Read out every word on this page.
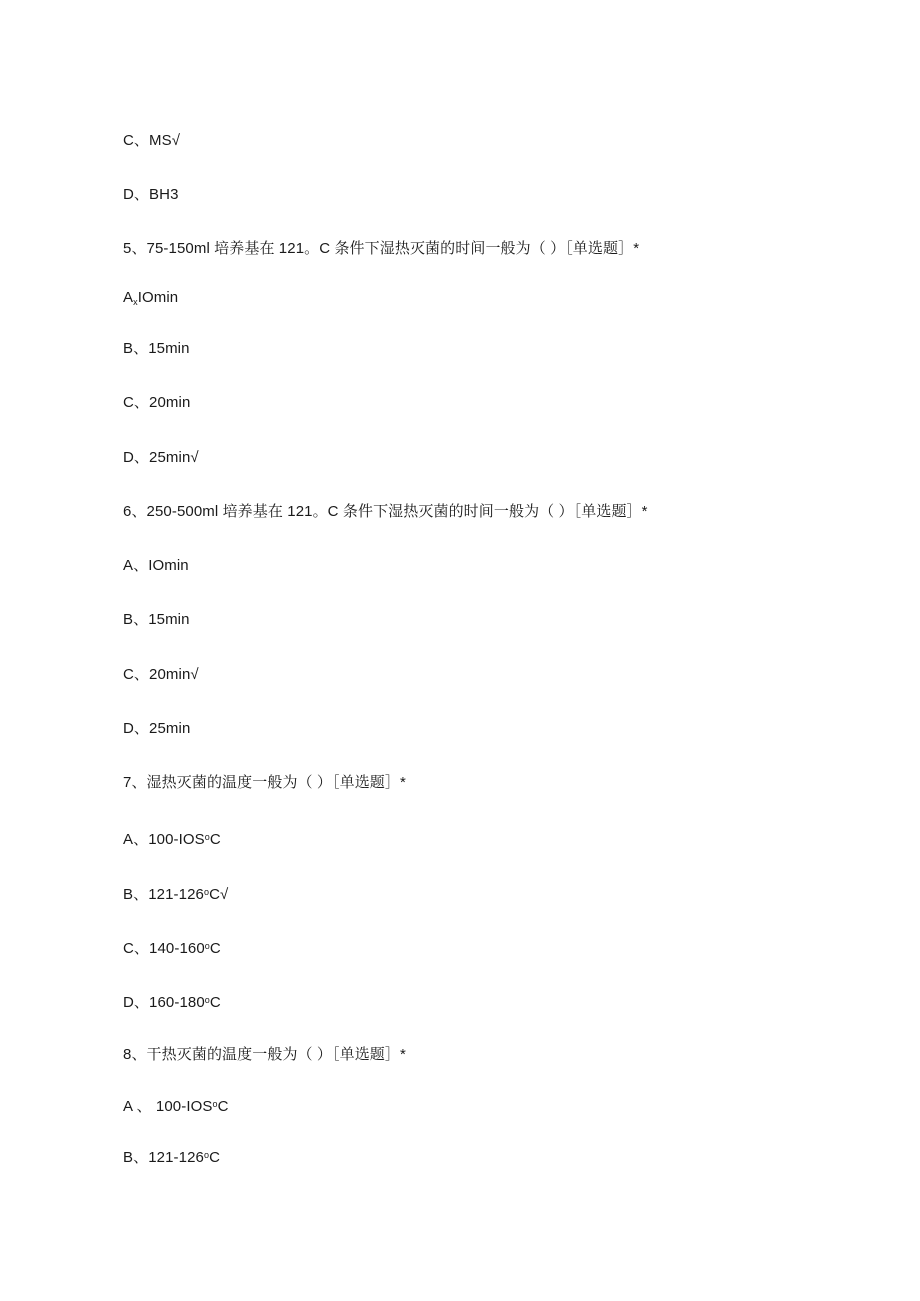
C、MS√
D、BH3
5、75-150ml 培养基在 121。C 条件下湿热灭菌的时间一般为（ ）［单选题］*
$A_xIOmin$
B、15min
C、20min
D、25min√
6、250-500ml 培养基在 121。C 条件下湿热灭菌的时间一般为（ ）［单选题］*
A、IOmin
B、15min
C、20min√
D、25min
7、湿热灭菌的温度一般为（ ）［单选题］*
A、100-IOS$^o$C
B、121-126$^o$C√
C、140-160$^o$C
D、160-180$^o$C
8、干热灭菌的温度一般为（ ）［单选题］*
A 、 100-IOS$^o$C
B、121-126$^o$C
